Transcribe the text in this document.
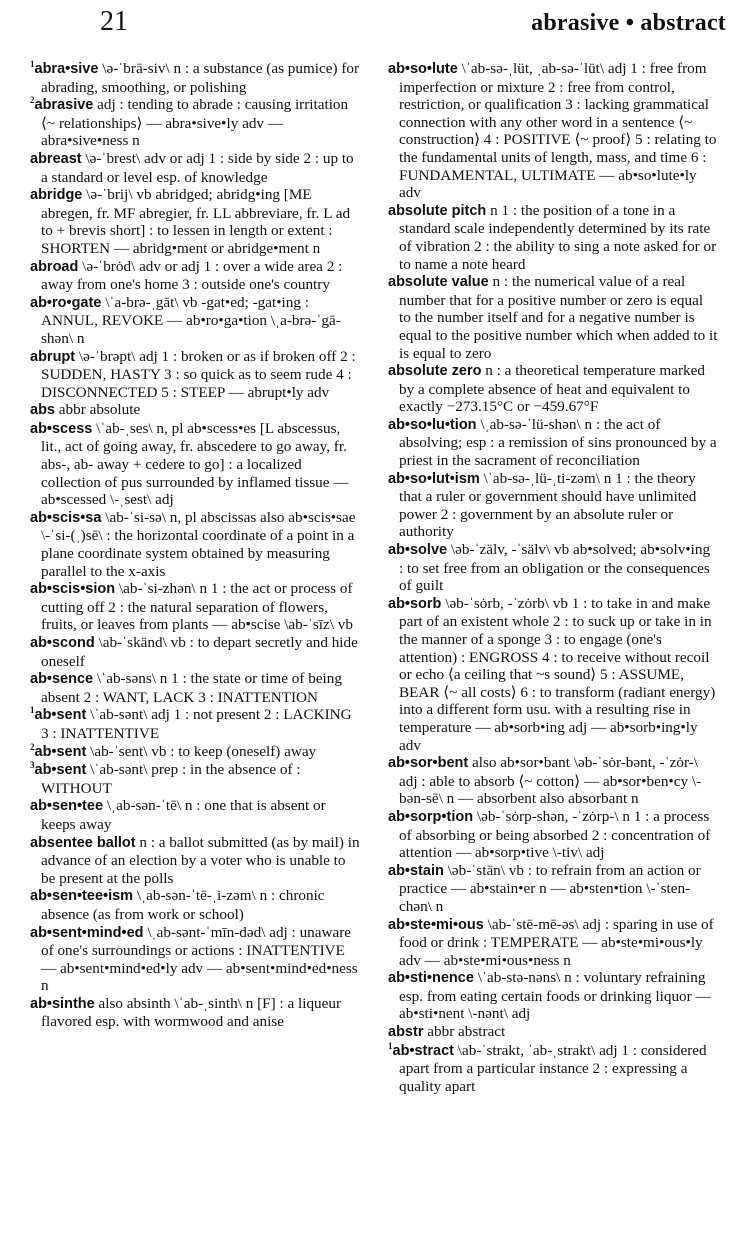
21	abrasive • abstract

$^1$abra•sive \ə-ˈbrā-siv\ n : a substance (as pumice) for abrading, smoothing, or polishing

$^2$abrasive adj : tending to abrade : causing irritation ⟨~ relationships⟩ — abra•sive•ly adv — abra•sive•ness n

abreast \ə-ˈbrest\ adv or adj 1 : side by side 2 : up to a standard or level esp. of knowledge

abridge \ə-ˈbrij\ vb abridged; abridg•ing [ME abregen, fr. MF abregier, fr. LL abbreviare, fr. L ad to + brevis short] : to lessen in length or extent : SHORTEN — abridg•ment or abridge•ment n

abroad \ə-ˈbrȯd\ adv or adj 1 : over a wide area 2 : away from one's home 3 : outside one's country

ab•ro•gate \ˈa-brə-ˌgāt\ vb -gat•ed; -gat•ing : ANNUL, REVOKE — ab•ro•ga•tion \ˌa-brə-ˈgā-shən\ n

abrupt \ə-ˈbrəpt\ adj 1 : broken or as if broken off 2 : SUDDEN, HASTY 3 : so quick as to seem rude 4 : DISCONNECTED 5 : STEEP — abrupt•ly adv

abs abbr absolute

ab•scess \ˈab-ˌses\ n, pl ab•scess•es [L abscessus, lit., act of going away, fr. abscedere to go away, fr. abs-, ab- away + cedere to go] : a localized collection of pus surrounded by inflamed tissue — ab•scessed \-ˌsest\ adj

ab•scis•sa \ab-ˈsi-sə\ n, pl abscissas also ab•scis•sae \-ˈsi-(ˌ)sē\ : the horizontal coordinate of a point in a plane coordinate system obtained by measuring parallel to the x-axis

ab•scis•sion \ab-ˈsi-zhən\ n 1 : the act or process of cutting off 2 : the natural separation of flowers, fruits, or leaves from plants — ab•scise \ab-ˈsīz\ vb

ab•scond \ab-ˈskänd\ vb : to depart secretly and hide oneself

ab•sence \ˈab-səns\ n 1 : the state or time of being absent 2 : WANT, LACK 3 : INATTENTION

$^1$ab•sent \ˈab-sənt\ adj 1 : not present 2 : LACKING 3 : INATTENTIVE

$^2$ab•sent \ab-ˈsent\ vb : to keep (oneself) away

$^3$ab•sent \ˈab-sənt\ prep : in the absence of : WITHOUT

ab•sen•tee \ˌab-sən-ˈtē\ n : one that is absent or keeps away

absentee ballot n : a ballot submitted (as by mail) in advance of an election by a voter who is unable to be present at the polls

ab•sen•tee•ism \ˌab-sən-ˈtē-ˌi-zəm\ n : chronic absence (as from work or school)

ab•sent•mind•ed \ˌab-sənt-ˈmīn-dəd\ adj : unaware of one's surroundings or actions : INATTENTIVE — ab•sent•mind•ed•ly adv — ab•sent•mind•ed•ness n

ab•sinthe also absinth \ˈab-ˌsinth\ n [F] : a liqueur flavored esp. with wormwood and anise

ab•so•lute \ˈab-sə-ˌlüt, ˌab-sə-ˈlüt\ adj 1 : free from imperfection or mixture 2 : free from control, restriction, or qualification 3 : lacking grammatical connection with any other word in a sentence ⟨~ construction⟩ 4 : POSITIVE ⟨~ proof⟩ 5 : relating to the fundamental units of length, mass, and time 6 : FUNDAMENTAL, ULTIMATE — ab•so•lute•ly adv

absolute pitch n 1 : the position of a tone in a standard scale independently determined by its rate of vibration 2 : the ability to sing a note asked for or to name a note heard

absolute value n : the numerical value of a real number that for a positive number or zero is equal to the number itself and for a negative number is equal to the positive number which when added to it is equal to zero

absolute zero n : a theoretical temperature marked by a complete absence of heat and equivalent to exactly −273.15°C or −459.67°F

ab•so•lu•tion \ˌab-sə-ˈlü-shən\ n : the act of absolving; esp : a remission of sins pronounced by a priest in the sacrament of reconciliation

ab•so•lut•ism \ˈab-sə-ˌlü-ˌti-zəm\ n 1 : the theory that a ruler or government should have unlimited power 2 : government by an absolute ruler or authority

ab•solve \əb-ˈzälv, -ˈsälv\ vb ab•solved; ab•solv•ing : to set free from an obligation or the consequences of guilt

ab•sorb \əb-ˈsȯrb, -ˈzȯrb\ vb 1 : to take in and make part of an existent whole 2 : to suck up or take in in the manner of a sponge 3 : to engage (one's attention) : ENGROSS 4 : to receive without recoil or echo ⟨a ceiling that ~s sound⟩ 5 : ASSUME, BEAR ⟨~ all costs⟩ 6 : to transform (radiant energy) into a different form usu. with a resulting rise in temperature — ab•sorb•ing adj — ab•sorb•ing•ly adv

ab•sor•bent also ab•sor•bant \əb-ˈsȯr-bənt, -ˈzȯr-\ adj : able to absorb ⟨~ cotton⟩ — ab•sor•ben•cy \-bən-sē\ n — absorbent also absorbant n

ab•sorp•tion \əb-ˈsȯrp-shən, -ˈzȯrp-\ n 1 : a process of absorbing or being absorbed 2 : concentration of attention — ab•sorp•tive \-tiv\ adj

ab•stain \əb-ˈstān\ vb : to refrain from an action or practice — ab•stain•er n — ab•sten•tion \-ˈsten-chən\ n

ab•ste•mi•ous \ab-ˈstē-mē-əs\ adj : sparing in use of food or drink : TEMPERATE — ab•ste•mi•ous•ly adv — ab•ste•mi•ous•ness n

ab•sti•nence \ˈab-stə-nəns\ n : voluntary refraining esp. from eating certain foods or drinking liquor — ab•sti•nent \-nənt\ adj

abstr abbr abstract

$^1$ab•stract \ab-ˈstrakt, ˈab-ˌstrakt\ adj 1 : considered apart from a particular instance 2 : expressing a quality apart
